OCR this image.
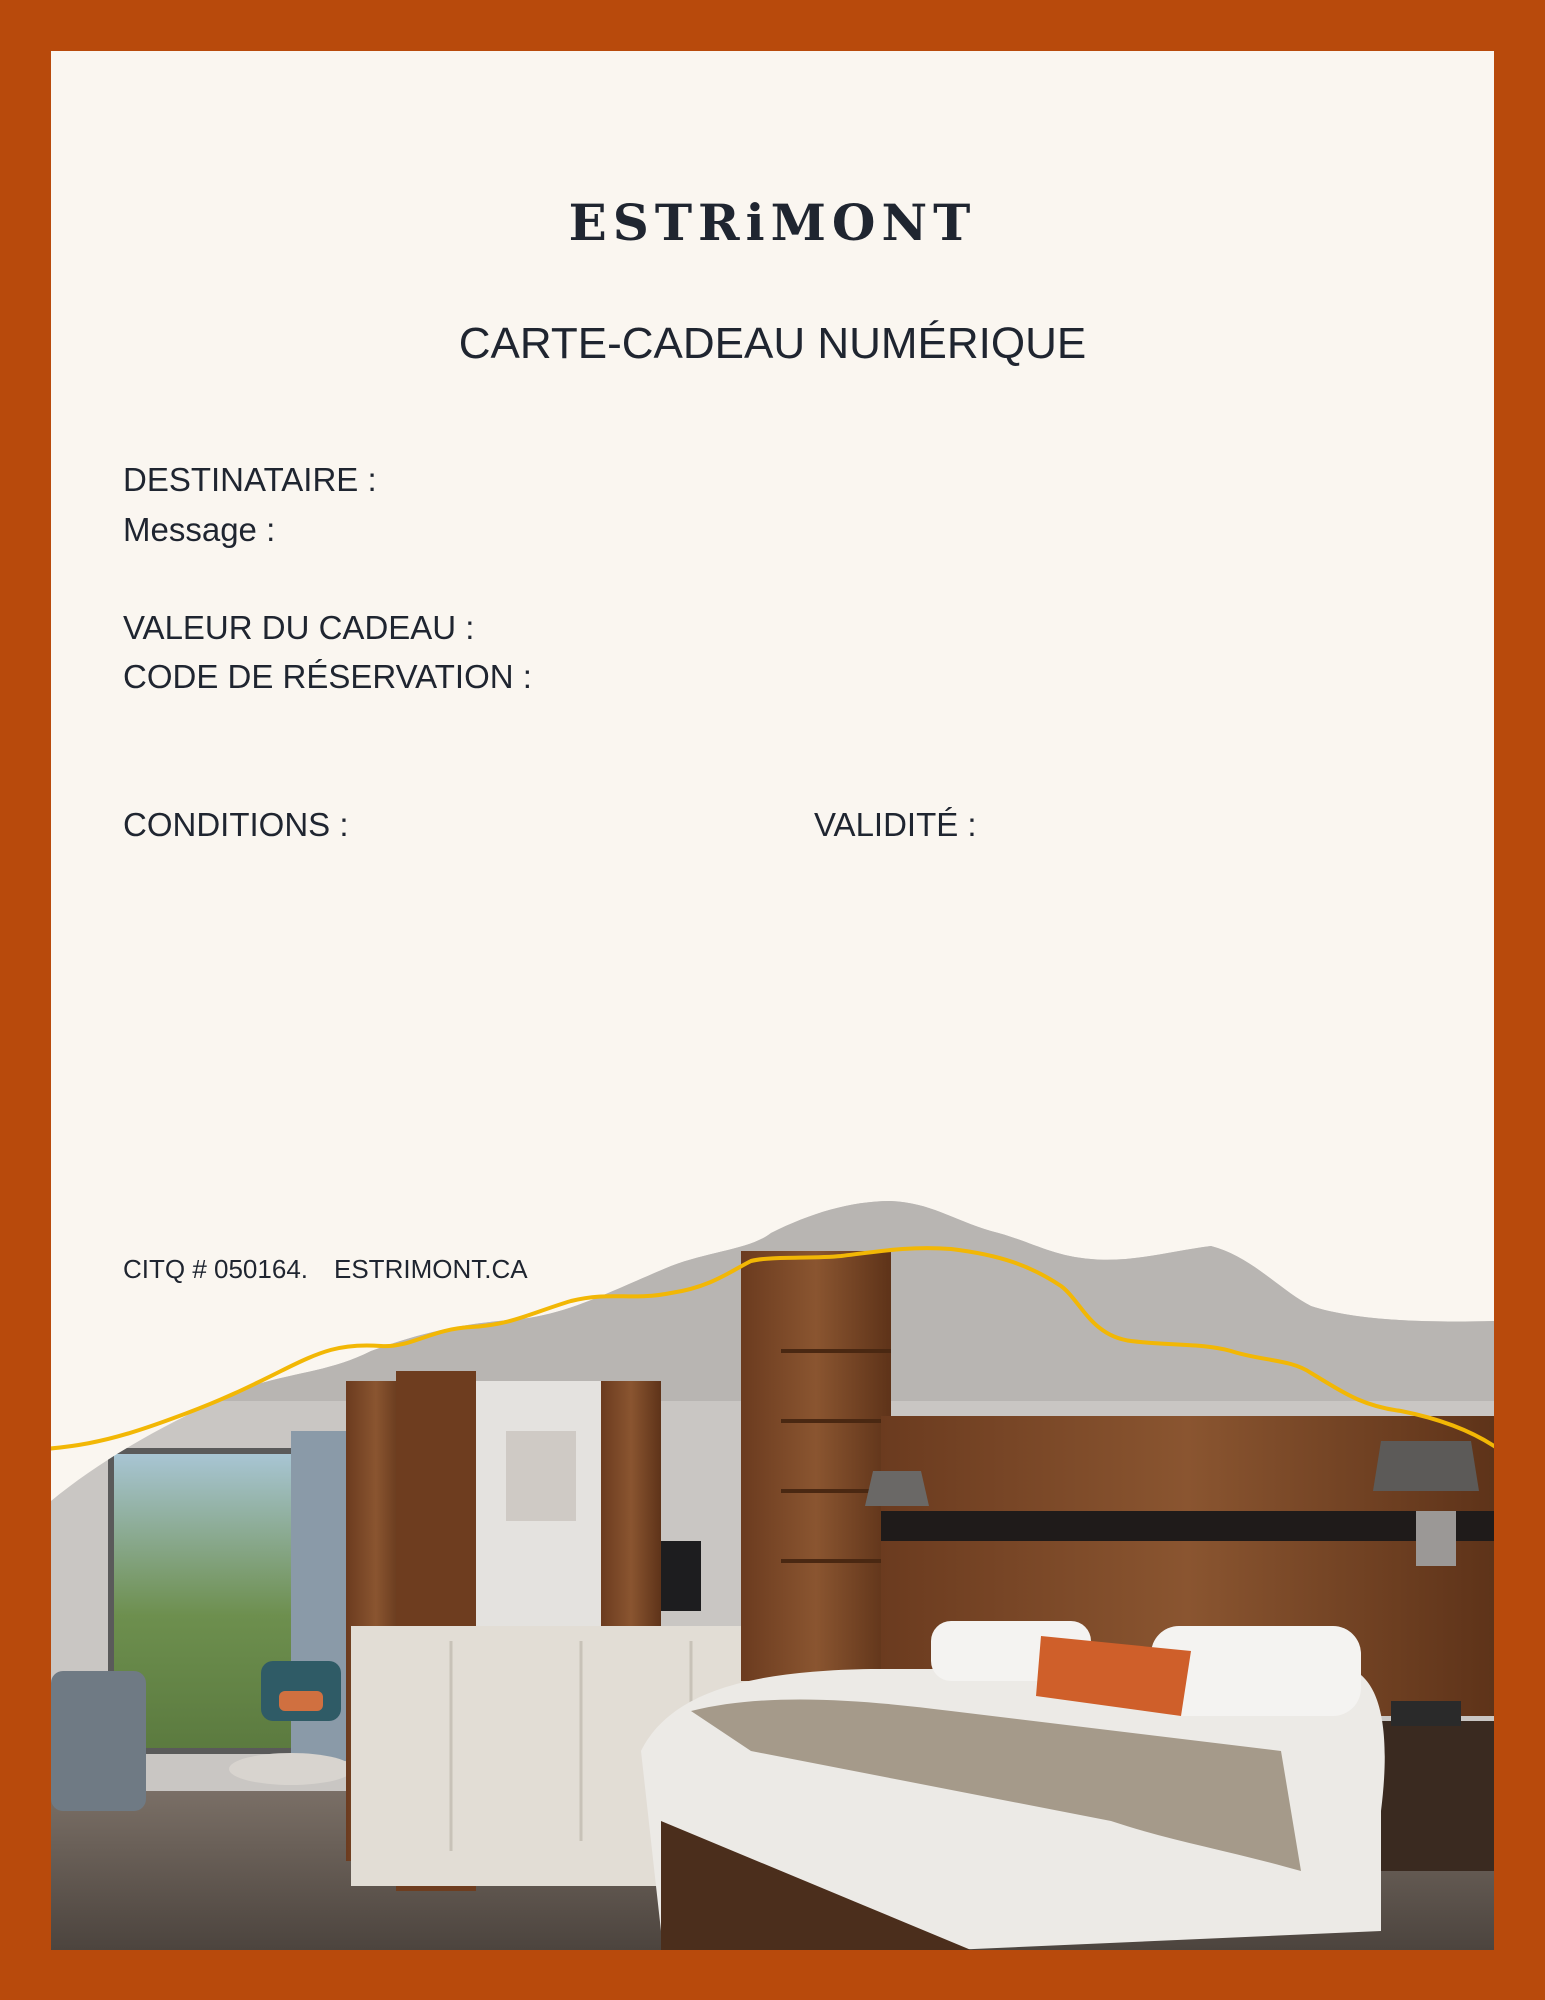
ESTRiMONT
CARTE-CADEAU NUMÉRIQUE
DESTINATAIRE :
Message :
VALEUR DU CADEAU :
CODE DE RÉSERVATION :
CONDITIONS :	VALIDITÉ :
CITQ # 050164. ESTRIMONT.CA
